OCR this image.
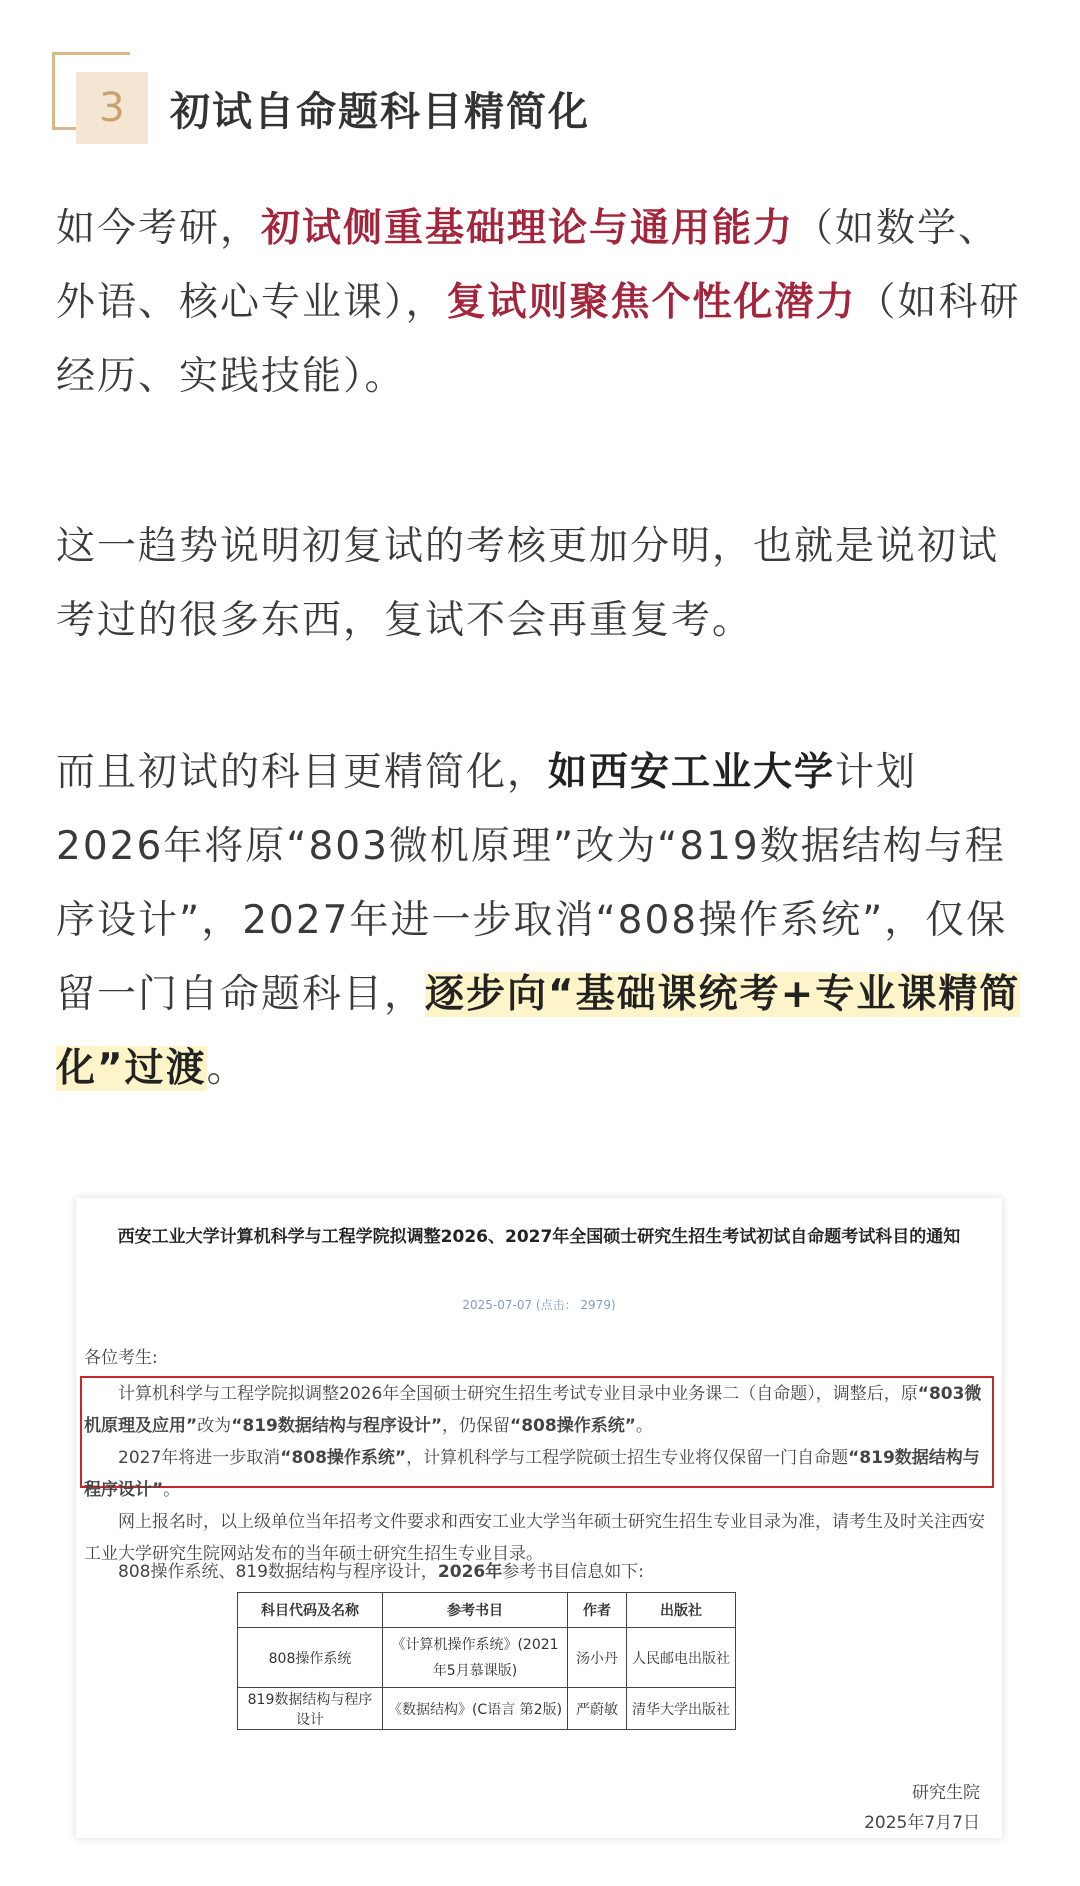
3	初试自命题科目精简化

如今考研，初试侧重基础理论与通用能力（如数学、外语、核心专业课），复试则聚焦个性化潜力（如科研经历、实践技能）。

这一趋势说明初复试的考核更加分明，也就是说初试考过的很多东西，复试不会再重复考。

而且初试的科目更精简化，如西安工业大学计划2026年将原“803微机原理”改为“819数据结构与程序设计”，2027年进一步取消“808操作系统”，仅保留一门自命题科目，逐步向“基础课统考+专业课精简化”过渡。

西安工业大学计算机科学与工程学院拟调整2026、2027年全国硕士研究生招生考试初试自命题考试科目的通知
2025-07-07 (点击： 2979)
各位考生:
计算机科学与工程学院拟调整2026年全国硕士研究生招生考试专业目录中业务课二（自命题），调整后，原“803微机原理及应用”改为“819数据结构与程序设计”，仍保留“808操作系统”。
2027年将进一步取消“808操作系统”，计算机科学与工程学院硕士招生专业将仅保留一门自命题“819数据结构与程序设计”。
网上报名时，以上级单位当年招考文件要求和西安工业大学当年硕士研究生招生专业目录为准，请考生及时关注西安工业大学研究生院网站发布的当年硕士研究生招生专业目录。
808操作系统、819数据结构与程序设计，2026年参考书目信息如下:
科目代码及名称	参考书目	作者	出版社
808操作系统	《计算机操作系统》(2021年5月慕课版)	汤小丹	人民邮电出版社
819数据结构与程序设计	《数据结构》(C语言 第2版)	严蔚敏	清华大学出版社
研究生院
2025年7月7日
